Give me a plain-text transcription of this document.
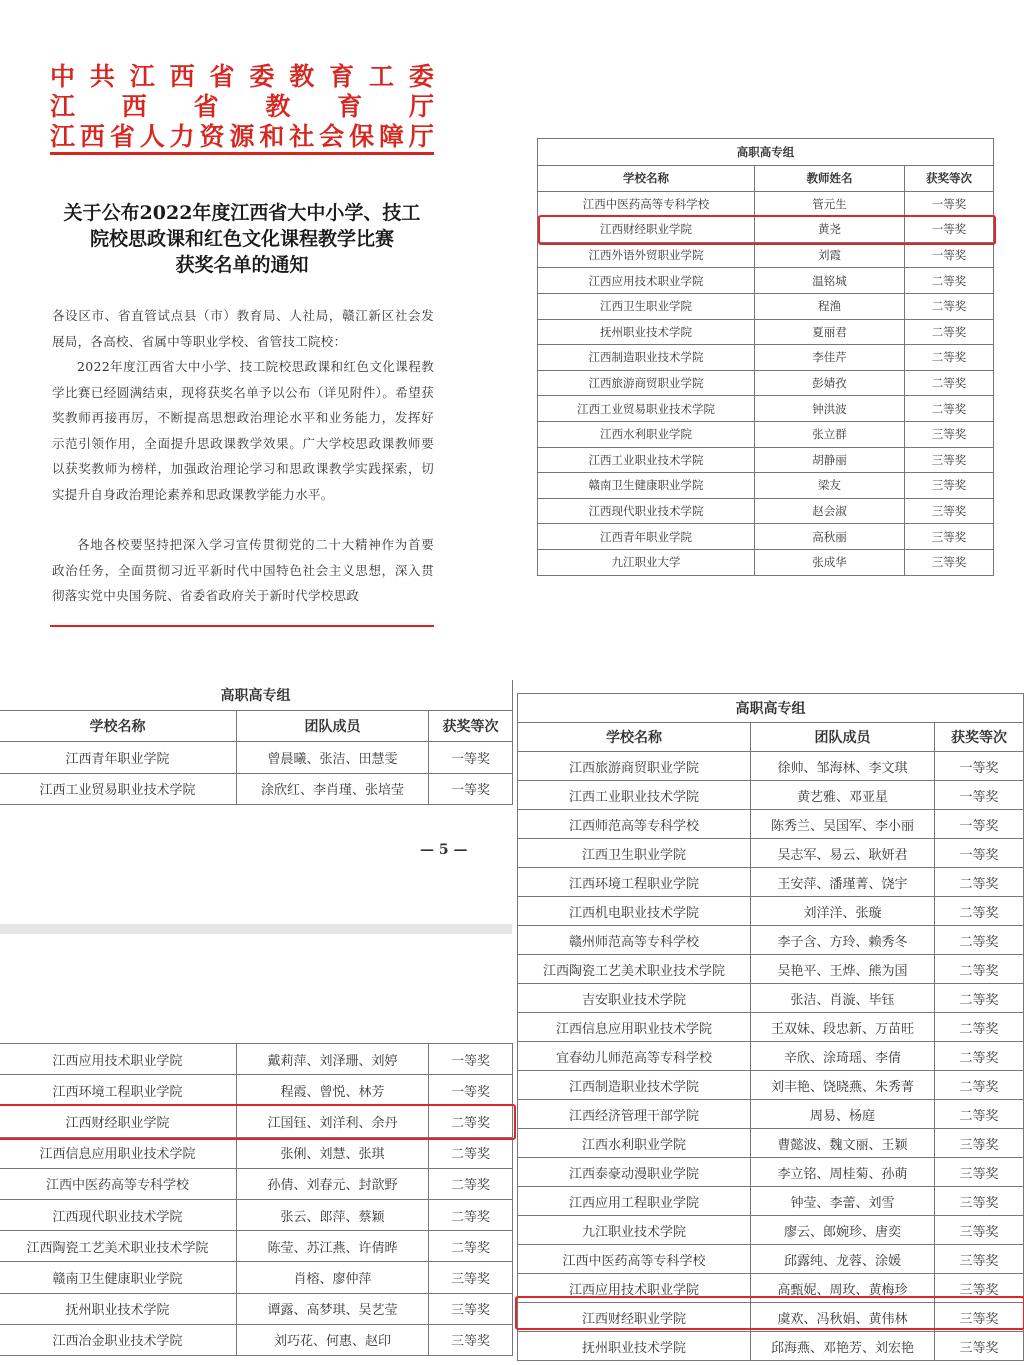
中 共 江 西 省 委 教 育 工 委
江 西 省 教 育 厅
江 西 省 人 力 资 源 和 社 会 保 障 厅
关于公布2022年度江西省大中小学、技工
院校思政课和红色文化课程教学比赛
获奖名单的通知
各设区市、省直管试点县（市）教育局、人社局，赣江新区社会发展局，各高校、省属中等职业学校、省管技工院校：
2022年度江西省大中小学、技工院校思政课和红色文化课程教学比赛已经圆满结束，现将获奖名单予以公布（详见附件）。希望获奖教师再接再厉，不断提高思想政治理论水平和业务能力，发挥好示范引领作用，全面提升思政课教学效果。广大学校思政课教师要以获奖教师为榜样，加强政治理论学习和思政课教学实践探索，切实提升自身政治理论素养和思政课教学能力水平。
各地各校要坚持把深入学习宣传贯彻党的二十大精神作为首要政治任务，全面贯彻习近平新时代中国特色社会主义思想，深入贯彻落实党中央国务院、省委省政府关于新时代学校思政
高职高专组		
学校名称	教师姓名	获奖等次
江西中医药高等专科学校	管元生	一等奖
江西财经职业学院	黄尧	一等奖
江西外语外贸职业学院	刘霞	一等奖
江西应用技术职业学院	温铭城	二等奖
江西卫生职业学院	程渔	二等奖
抚州职业技术学院	夏丽君	二等奖
江西制造职业技术学院	李佳芹	二等奖
江西旅游商贸职业学院	彭婧孜	二等奖
江西工业贸易职业技术学院	钟洪波	二等奖
江西水利职业学院	张立群	三等奖
江西工业职业技术学院	胡静丽	三等奖
赣南卫生健康职业学院	梁友	三等奖
江西现代职业技术学院	赵会淑	三等奖
江西青年职业学院	高秋丽	三等奖
九江职业大学	张成华	三等奖
高职高专组		
学校名称	团队成员	获奖等次
江西青年职业学院	曾晨曦、张洁、田慧雯	一等奖
江西工业贸易职业技术学院	涂欣红、李肖瑾、张培莹	一等奖
— 5 —
江西应用技术职业学院	戴莉萍、刘泽珊、刘婷	一等奖
江西环境工程职业学院	程霞、曾悦、林芳	一等奖
江西财经职业学院	江国钰、刘洋利、余丹	二等奖
江西信息应用职业技术学院	张俐、刘慧、张琪	二等奖
江西中医药高等专科学校	孙倩、刘春元、封歆野	二等奖
江西现代职业技术学院	张云、郎萍、蔡颖	二等奖
江西陶瓷工艺美术职业技术学院	陈莹、苏江燕、许倩晔	二等奖
赣南卫生健康职业学院	肖榕、廖仲萍	三等奖
抚州职业技术学院	谭露、高梦琪、吴艺莹	三等奖
江西冶金职业技术学院	刘巧花、何惠、赵印	三等奖
高职高专组		
学校名称	团队成员	获奖等次
江西旅游商贸职业学院	徐帅、邹海林、李文琪	一等奖
江西工业职业技术学院	黄艺雅、邓亚星	一等奖
江西师范高等专科学校	陈秀兰、吴国军、李小丽	一等奖
江西卫生职业学院	吴志军、易云、耿妍君	一等奖
江西环境工程职业学院	王安萍、潘瑾菁、饶宇	二等奖
江西机电职业技术学院	刘洋洋、张璇	二等奖
赣州师范高等专科学校	李子含、方玲、赖秀冬	二等奖
江西陶瓷工艺美术职业技术学院	吴艳平、王烨、熊为国	二等奖
吉安职业技术学院	张洁、肖漩、毕钰	二等奖
江西信息应用职业技术学院	王双妹、段忠新、万苗旺	二等奖
宜春幼儿师范高等专科学校	辛欣、涂琦瑶、李倩	二等奖
江西制造职业技术学院	刘丰艳、饶晓燕、朱秀菁	二等奖
江西经济管理干部学院	周易、杨庭	二等奖
江西水利职业学院	曹懿波、魏文丽、王颖	三等奖
江西泰豪动漫职业学院	李立铭、周桂菊、孙萌	三等奖
江西应用工程职业学院	钟莹、李蕾、刘雪	三等奖
九江职业技术学院	廖云、郎婉珍、唐奕	三等奖
江西中医药高等专科学校	邱露纯、龙蓉、涂媛	三等奖
江西应用技术职业学院	高甄妮、周玫、黄梅珍	三等奖
江西财经职业学院	虞欢、冯秋娟、黄伟林	三等奖
抚州职业技术学院	邱海燕、邓艳芳、刘宏艳	三等奖
